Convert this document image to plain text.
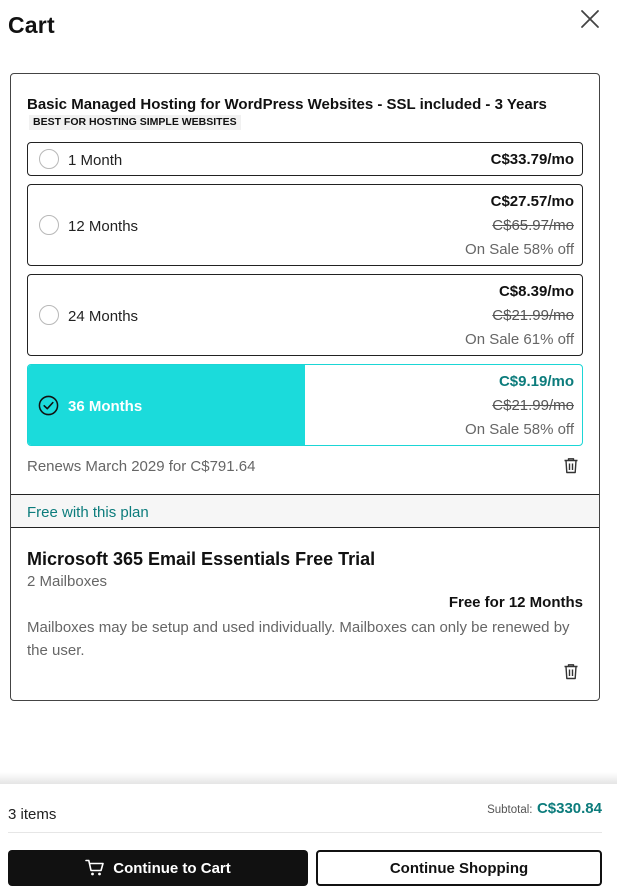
Cart
Basic Managed Hosting for WordPress Websites - SSL included - 3 Years
BEST FOR HOSTING SIMPLE WEBSITES
1 Month	C$33.79/mo
12 Months
C$27.57/mo
C$65.97/mo
On Sale 58% off
24 Months
C$8.39/mo
C$21.99/mo
On Sale 61% off
36 Months
C$9.19/mo
C$21.99/mo
On Sale 58% off
Renews March 2029 for C$791.64
Free with this plan
Microsoft 365 Email Essentials Free Trial
2 Mailboxes
Free for 12 Months
Mailboxes may be setup and used individually. Mailboxes can only be renewed by the user.
3 items	Subtotal: C$330.84
Continue to Cart	Continue Shopping
